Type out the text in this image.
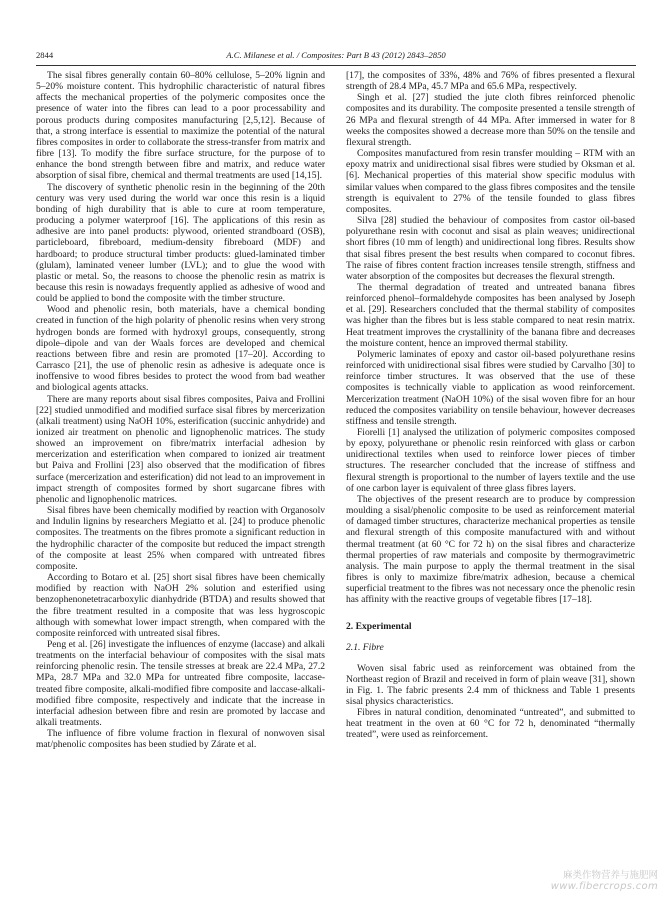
2844	A.C. Milanese et al. / Composites: Part B 43 (2012) 2843–2850

The sisal fibres generally contain 60–80% cellulose, 5–20% lignin and 5–20% moisture content. This hydrophilic characteristic of natural fibres affects the mechanical properties of the polymeric composites once the presence of water into the fibres can lead to a poor processability and porous products during composites manufacturing [2,5,12]. Because of that, a strong interface is essential to maximize the potential of the natural fibres composites in order to collaborate the stress-transfer from matrix and fibre [13]. To modify the fibre surface structure, for the purpose of to enhance the bond strength between fibre and matrix, and reduce water absorption of sisal fibre, chemical and thermal treatments are used [14,15].

The discovery of synthetic phenolic resin in the beginning of the 20th century was very used during the world war once this resin is a liquid bonding of high durability that is able to cure at room temperature, producing a polymer waterproof [16]. The applications of this resin as adhesive are into panel products: plywood, oriented strandboard (OSB), particleboard, fibreboard, medium-density fibreboard (MDF) and hardboard; to produce structural timber products: glued-laminated timber (glulam), laminated veneer lumber (LVL); and to glue the wood with plastic or metal. So, the reasons to choose the phenolic resin as matrix is because this resin is nowadays frequently applied as adhesive of wood and could be applied to bond the composite with the timber structure.

Wood and phenolic resin, both materials, have a chemical bonding created in function of the high polarity of phenolic resins when very strong hydrogen bonds are formed with hydroxyl groups, consequently, strong dipole–dipole and van der Waals forces are developed and chemical reactions between fibre and resin are promoted [17–20]. According to Carrasco [21], the use of phenolic resin as adhesive is adequate once is inoffensive to wood fibres besides to protect the wood from bad weather and biological agents attacks.

There are many reports about sisal fibres composites, Paiva and Frollini [22] studied unmodified and modified surface sisal fibres by mercerization (alkali treatment) using NaOH 10%, esterification (succinic anhydride) and ionized air treatment on phenolic and lignophenolic matrices. The study showed an improvement on fibre/matrix interfacial adhesion by mercerization and esterification when compared to ionized air treatment but Paiva and Frollini [23] also observed that the modification of fibres surface (mercerization and esterification) did not lead to an improvement in impact strength of composites formed by short sugarcane fibres with phenolic and lignophenolic matrices.

Sisal fibres have been chemically modified by reaction with Organosolv and Indulin lignins by researchers Megiatto et al. [24] to produce phenolic composites. The treatments on the fibres promote a significant reduction in the hydrophilic character of the composite but reduced the impact strength of the composite at least 25% when compared with untreated fibres composite.

According to Botaro et al. [25] short sisal fibres have been chemically modified by reaction with NaOH 2% solution and esterified using benzophenonetetracarboxylic dianhydride (BTDA) and results showed that the fibre treatment resulted in a composite that was less hygroscopic although with somewhat lower impact strength, when compared with the composite reinforced with untreated sisal fibres.

Peng et al. [26] investigate the influences of enzyme (laccase) and alkali treatments on the interfacial behaviour of composites with the sisal mats reinforcing phenolic resin. The tensile stresses at break are 22.4 MPa, 27.2 MPa, 28.7 MPa and 32.0 MPa for untreated fibre composite, laccase-treated fibre composite, alkali-modified fibre composite and laccase-alkali-modified fibre composite, respectively and indicate that the increase in interfacial adhesion between fibre and resin are promoted by laccase and alkali treatments.

The influence of fibre volume fraction in flexural of nonwoven sisal mat/phenolic composites has been studied by Zárate et al.

[17], the composites of 33%, 48% and 76% of fibres presented a flexural strength of 28.4 MPa, 45.7 MPa and 65.6 MPa, respectively.

Singh et al. [27] studied the jute cloth fibres reinforced phenolic composites and its durability. The composite presented a tensile strength of 26 MPa and flexural strength of 44 MPa. After immersed in water for 8 weeks the composites showed a decrease more than 50% on the tensile and flexural strength.

Composites manufactured from resin transfer moulding – RTM with an epoxy matrix and unidirectional sisal fibres were studied by Oksman et al. [6]. Mechanical properties of this material show specific modulus with similar values when compared to the glass fibres composites and the tensile strength is equivalent to 27% of the tensile founded to glass fibres composites.

Silva [28] studied the behaviour of composites from castor oil-based polyurethane resin with coconut and sisal as plain weaves; unidirectional short fibres (10 mm of length) and unidirectional long fibres. Results show that sisal fibres present the best results when compared to coconut fibres. The raise of fibres content fraction increases tensile strength, stiffness and water absorption of the composites but decreases the flexural strength.

The thermal degradation of treated and untreated banana fibres reinforced phenol–formaldehyde composites has been analysed by Joseph et al. [29]. Researchers concluded that the thermal stability of composites was higher than the fibres but is less stable compared to neat resin matrix. Heat treatment improves the crystallinity of the banana fibre and decreases the moisture content, hence an improved thermal stability.

Polymeric laminates of epoxy and castor oil-based polyurethane resins reinforced with unidirectional sisal fibres were studied by Carvalho [30] to reinforce timber structures. It was observed that the use of these composites is technically viable to application as wood reinforcement. Mercerization treatment (NaOH 10%) of the sisal woven fibre for an hour reduced the composites variability on tensile behaviour, however decreases stiffness and tensile strength.

Fiorelli [1] analysed the utilization of polymeric composites composed by epoxy, polyurethane or phenolic resin reinforced with glass or carbon unidirectional textiles when used to reinforce lower pieces of timber structures. The researcher concluded that the increase of stiffness and flexural strength is proportional to the number of layers textile and the use of one carbon layer is equivalent of three glass fibres layers.

The objectives of the present research are to produce by compression moulding a sisal/phenolic composite to be used as reinforcement material of damaged timber structures, characterize mechanical properties as tensile and flexural strength of this composite manufactured with and without thermal treatment (at 60 °C for 72 h) on the sisal fibres and characterize thermal properties of raw materials and composite by thermogravimetric analysis. The main purpose to apply the thermal treatment in the sisal fibres is only to maximize fibre/matrix adhesion, because a chemical superficial treatment to the fibres was not necessary once the phenolic resin has affinity with the reactive groups of vegetable fibres [17–18].

2. Experimental
2.1. Fibre

Woven sisal fabric used as reinforcement was obtained from the Northeast region of Brazil and received in form of plain weave [31], shown in Fig. 1. The fabric presents 2.4 mm of thickness and Table 1 presents sisal physics characteristics.

Fibres in natural condition, denominated “untreated”, and submitted to heat treatment in the oven at 60 °C for 72 h, denominated “thermally treated”, were used as reinforcement.

麻类作物营养与施肥网
www.fibercrops.com
